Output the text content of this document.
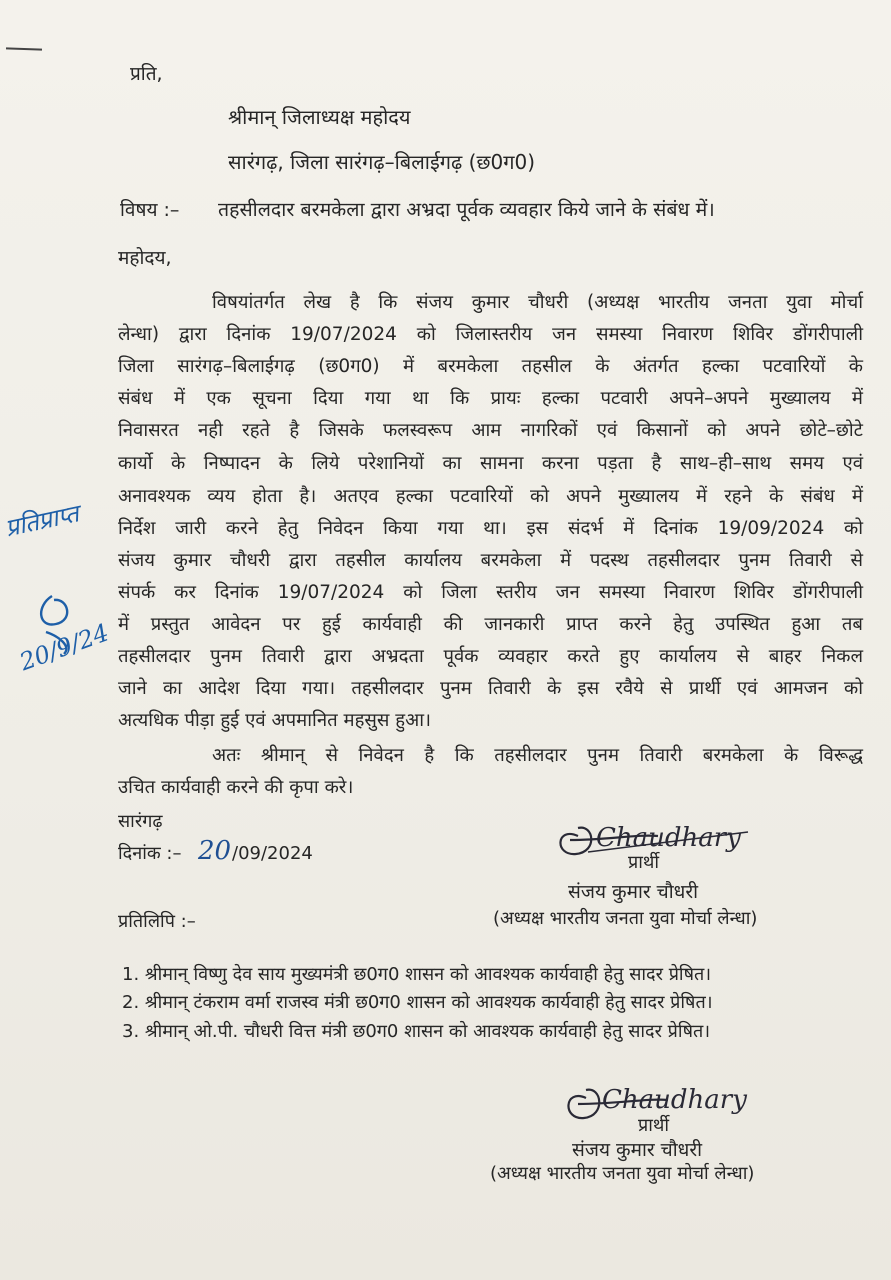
प्रति,
श्रीमान् जिलाध्यक्ष महोदय
सारंगढ़, जिला सारंगढ़–बिलाईगढ़ (छ0ग0)
विषय :– तहसीलदार बरमकेला द्वारा अभ्रदा पूर्वक व्यवहार किये जाने के संबंध में।
महोदय,
विषयांतर्गत लेख है कि संजय कुमार चौधरी (अध्यक्ष भारतीय जनता युवा मोर्चा
लेन्धा) द्वारा दिनांक 19/07/2024 को जिलास्तरीय जन समस्या निवारण शिविर डोंगरीपाली
जिला सारंगढ़–बिलाईगढ़ (छ0ग0) में बरमकेला तहसील के अंतर्गत हल्का पटवारियों के
संबंध में एक सूचना दिया गया था कि प्रायः हल्का पटवारी अपने–अपने मुख्यालय में
निवासरत नही रहते है जिसके फलस्वरूप आम नागरिकों एवं किसानों को अपने छोटे–छोटे
कार्यो के निष्पादन के लिये परेशानियों का सामना करना पड़ता है साथ–ही–साथ समय एवं
अनावश्यक व्यय होता है। अतएव हल्का पटवारियों को अपने मुख्यालय में रहने के संबंध में
निर्देश जारी करने हेतु निवेदन किया गया था। इस संदर्भ में दिनांक 19/09/2024 को
संजय कुमार चौधरी द्वारा तहसील कार्यालय बरमकेला में पदस्थ तहसीलदार पुनम तिवारी से
संपर्क कर दिनांक 19/07/2024 को जिला स्तरीय जन समस्या निवारण शिविर डोंगरीपाली
में प्रस्तुत आवेदन पर हुई कार्यवाही की जानकारी प्राप्त करने हेतु उपस्थित हुआ तब
तहसीलदार पुनम तिवारी द्वारा अभ्रदता पूर्वक व्यवहार करते हुए कार्यालय से बाहर निकल
जाने का आदेश दिया गया। तहसीलदार पुनम तिवारी के इस रवैये से प्रार्थी एवं आमजन को
अत्यधिक पीड़ा हुई एवं अपमानित महसुस हुआ।
अतः श्रीमान् से निवेदन है कि तहसीलदार पुनम तिवारी बरमकेला के विरूद्ध
उचित कार्यवाही करने की कृपा करे।
सारंगढ़
दिनांक :– 20 /09/2024
Chaudhary
प्रार्थी
संजय कुमार चौधरी
(अध्यक्ष भारतीय जनता युवा मोर्चा लेन्धा)
प्रतिलिपि :–
1. श्रीमान् विष्णु देव साय मुख्यमंत्री छ0ग0 शासन को आवश्यक कार्यवाही हेतु सादर प्रेषित।
2. श्रीमान् टंकराम वर्मा राजस्व मंत्री छ0ग0 शासन को आवश्यक कार्यवाही हेतु सादर प्रेषित।
3. श्रीमान् ओ.पी. चौधरी वित्त मंत्री छ0ग0 शासन को आवश्यक कार्यवाही हेतु सादर प्रेषित।
Chaudhary
प्रार्थी
संजय कुमार चौधरी
(अध्यक्ष भारतीय जनता युवा मोर्चा लेन्धा)
प्रतिप्राप्त
20/9/24
